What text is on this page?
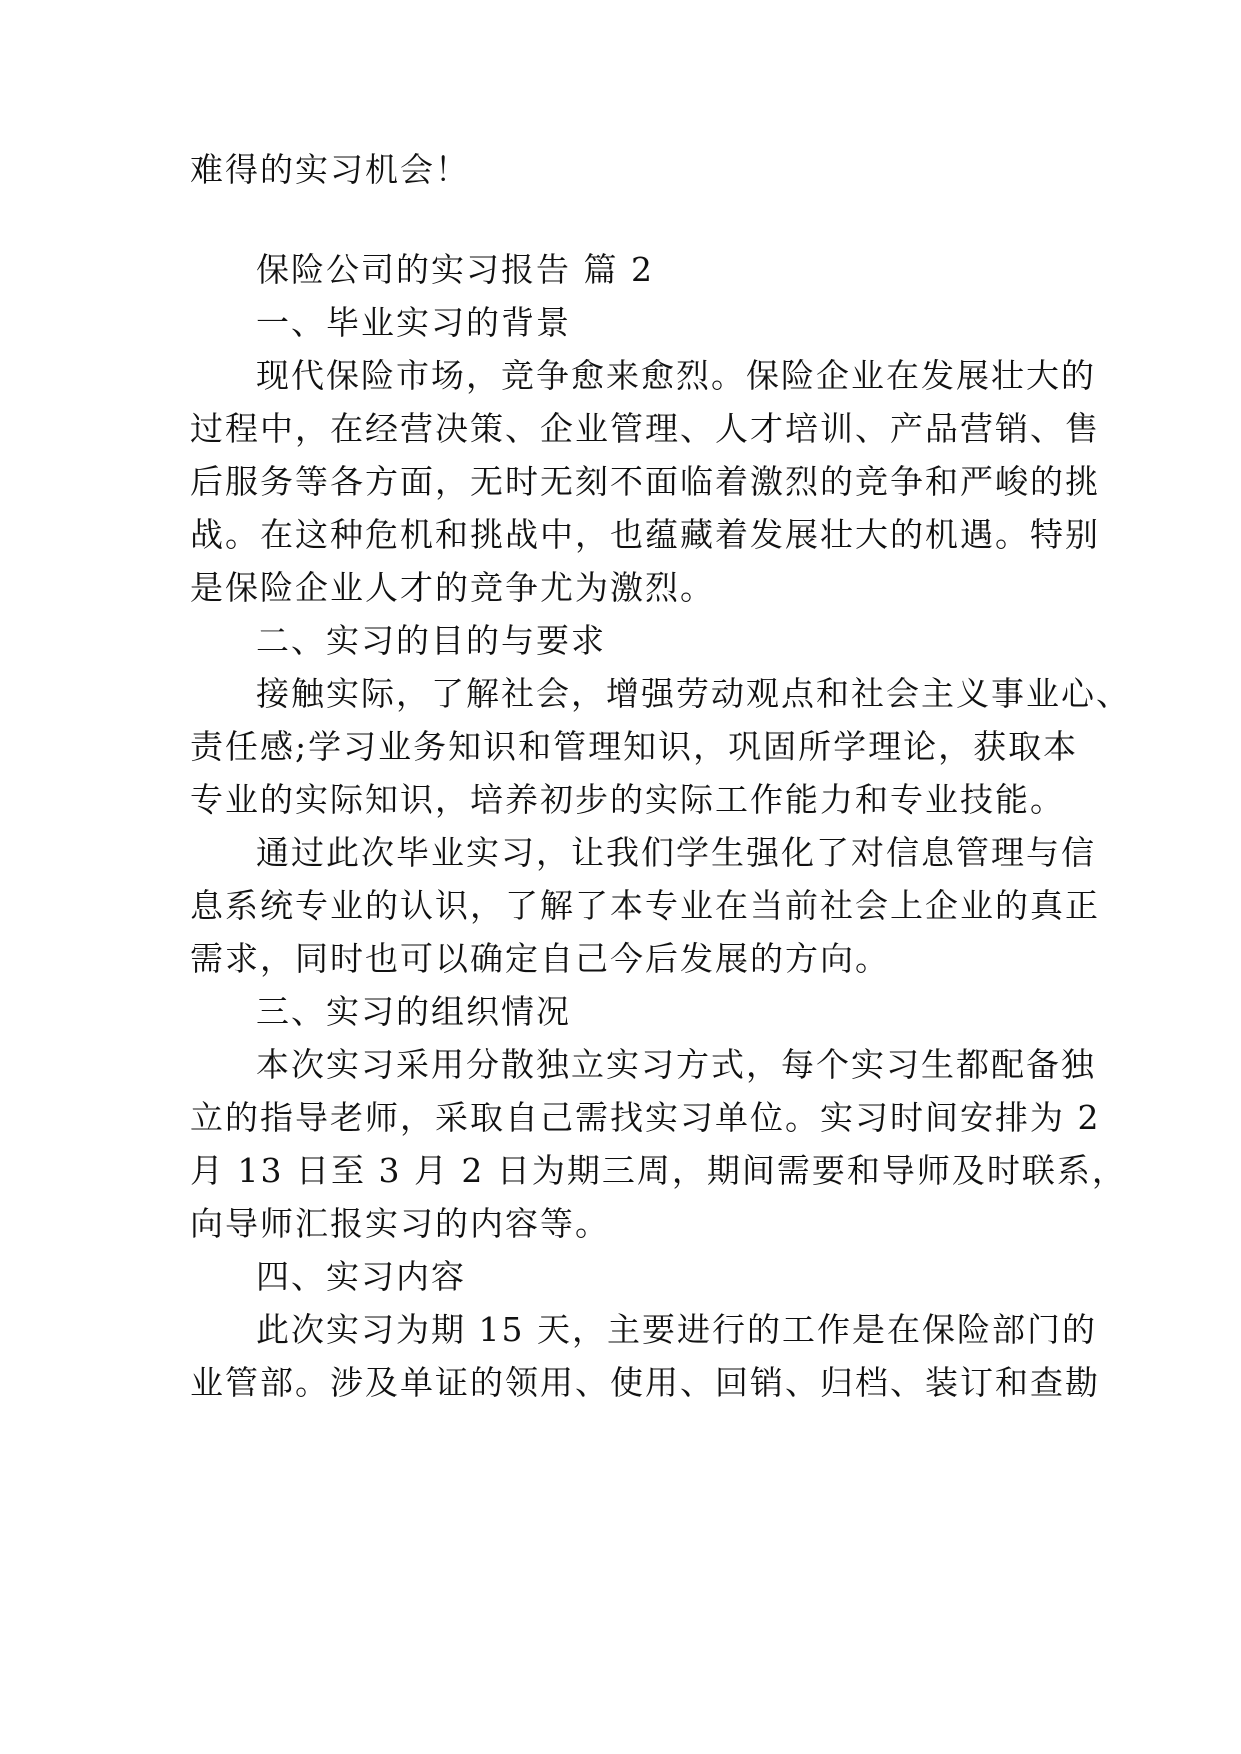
难得的实习机会！
保险公司的实习报告 篇 2
一、毕业实习的背景
现代保险市场，竞争愈来愈烈。保险企业在发展壮大的
过程中，在经营决策、企业管理、人才培训、产品营销、售
后服务等各方面，无时无刻不面临着激烈的竞争和严峻的挑
战。在这种危机和挑战中，也蕴藏着发展壮大的机遇。特别
是保险企业人才的竞争尤为激烈。
二、实习的目的与要求
接触实际，了解社会，增强劳动观点和社会主义事业心、
责任感;学习业务知识和管理知识，巩固所学理论，获取本
专业的实际知识，培养初步的实际工作能力和专业技能。
通过此次毕业实习，让我们学生强化了对信息管理与信
息系统专业的认识，了解了本专业在当前社会上企业的真正
需求，同时也可以确定自己今后发展的方向。
三、实习的组织情况
本次实习采用分散独立实习方式，每个实习生都配备独
立的指导老师，采取自己需找实习单位。实习时间安排为 2
月 13 日至 3 月 2 日为期三周，期间需要和导师及时联系，
向导师汇报实习的内容等。
四、实习内容
此次实习为期 15 天，主要进行的工作是在保险部门的
业管部。涉及单证的领用、使用、回销、归档、装订和查勘
